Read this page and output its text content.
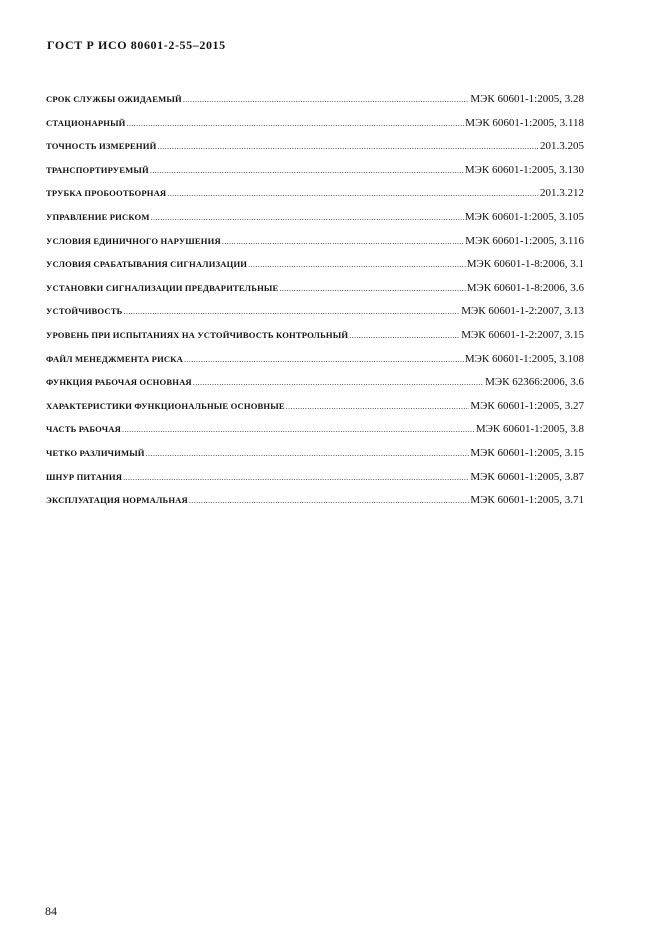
ГОСТ Р ИСО 80601-2-55–2015
СРОК СЛУЖБЫ ОЖИДАЕМЫЙ .....	МЭК 60601-1:2005, 3.28
СТАЦИОНАРНЫЙ .....	МЭК 60601-1:2005, 3.118
ТОЧНОСТЬ ИЗМЕРЕНИЙ .....	201.3.205
ТРАНСПОРТИРУЕМЫЙ .....	МЭК 60601-1:2005, 3.130
ТРУБКА ПРОБООТБОРНАЯ .....	201.3.212
УПРАВЛЕНИЕ РИСКОМ .....	МЭК 60601-1:2005, 3.105
УСЛОВИЯ ЕДИНИЧНОГО НАРУШЕНИЯ .....	МЭК 60601-1:2005, 3.116
УСЛОВИЯ СРАБАТЫВАНИЯ СИГНАЛИЗАЦИИ .....	МЭК 60601-1-8:2006, 3.1
УСТАНОВКИ СИГНАЛИЗАЦИИ ПРЕДВАРИТЕЛЬНЫЕ .....	МЭК 60601-1-8:2006, 3.6
УСТОЙЧИВОСТЬ .....	МЭК 60601-1-2:2007, 3.13
УРОВЕНЬ ПРИ ИСПЫТАНИЯХ НА УСТОЙЧИВОСТЬ КОНТРОЛЬНЫЙ .....	МЭК 60601-1-2:2007, 3.15
ФАЙЛ МЕНЕДЖМЕНТА РИСКА .....	МЭК 60601-1:2005, 3.108
ФУНКЦИЯ РАБОЧАЯ ОСНОВНАЯ .....	МЭК 62366:2006, 3.6
ХАРАКТЕРИСТИКИ ФУНКЦИОНАЛЬНЫЕ ОСНОВНЫЕ .....	МЭК 60601-1:2005, 3.27
ЧАСТЬ РАБОЧАЯ .....	МЭК 60601-1:2005, 3.8
ЧЕТКО РАЗЛИЧИМЫЙ .....	МЭК 60601-1:2005, 3.15
ШНУР ПИТАНИЯ .....	МЭК 60601-1:2005, 3.87
ЭКСПЛУАТАЦИЯ НОРМАЛЬНАЯ .....	МЭК 60601-1:2005, 3.71
84
